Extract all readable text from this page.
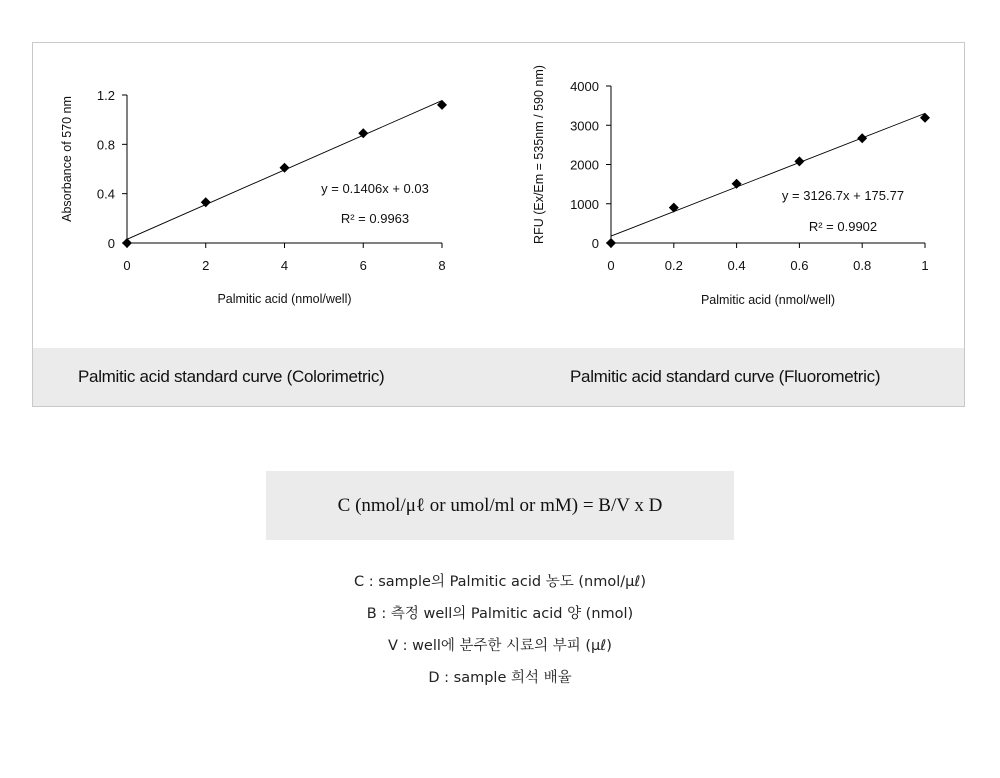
0
0.4
0.8
1.2
0	2	4	6	8
Palmitic acid (nmol/well)
Absorbance of 570 nm	y = 0.1406x + 0.03
R² = 0.9963
0
1000
2000
3000
4000
0	0.2	0.4	0.6	0.8	1
Palmitic acid (nmol/well)
RFU (Ex/Em = 535nm / 590 nm)	y = 3126.7x + 175.77
R² = 0.9902
Palmitic acid standard curve (Colorimetric)	Palmitic acid standard curve (Fluorometric)
C (nmol/μℓ or umol/ml or mM) = B/V x D
C : sample의 Palmitic acid 농도 (nmol/μℓ)
B : 측정 well의 Palmitic acid 양 (nmol)
V : well에 분주한 시료의 부피 (μℓ)
D : sample 희석 배율
